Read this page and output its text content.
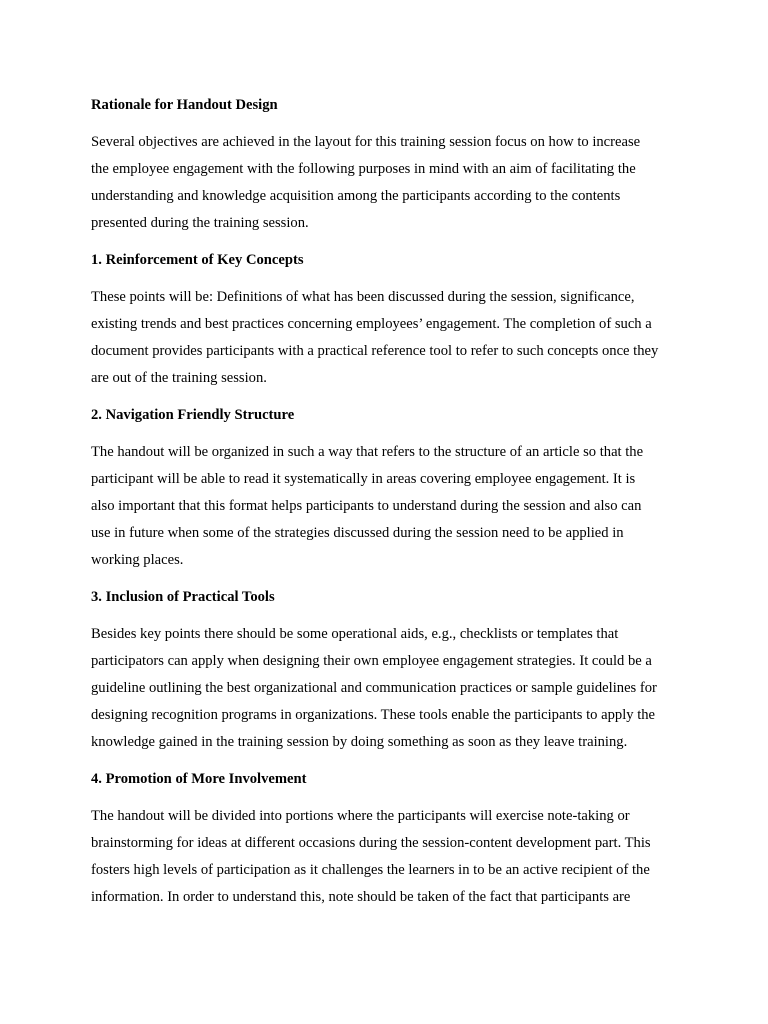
Rationale for Handout Design
Several objectives are achieved in the layout for this training session focus on how to increase
the employee engagement with the following purposes in mind with an aim of facilitating the
understanding and knowledge acquisition among the participants according to the contents
presented during the training session.
1. Reinforcement of Key Concepts
These points will be: Definitions of what has been discussed during the session, significance,
existing trends and best practices concerning employees’ engagement. The completion of such a
document provides participants with a practical reference tool to refer to such concepts once they
are out of the training session.
2. Navigation Friendly Structure
The handout will be organized in such a way that refers to the structure of an article so that the
participant will be able to read it systematically in areas covering employee engagement. It is
also important that this format helps participants to understand during the session and also can
use in future when some of the strategies discussed during the session need to be applied in
working places.
3. Inclusion of Practical Tools
Besides key points there should be some operational aids, e.g., checklists or templates that
participators can apply when designing their own employee engagement strategies. It could be a
guideline outlining the best organizational and communication practices or sample guidelines for
designing recognition programs in organizations. These tools enable the participants to apply the
knowledge gained in the training session by doing something as soon as they leave training.
4. Promotion of More Involvement
The handout will be divided into portions where the participants will exercise note-taking or
brainstorming for ideas at different occasions during the session-content development part. This
fosters high levels of participation as it challenges the learners in to be an active recipient of the
information. In order to understand this, note should be taken of the fact that participants are
